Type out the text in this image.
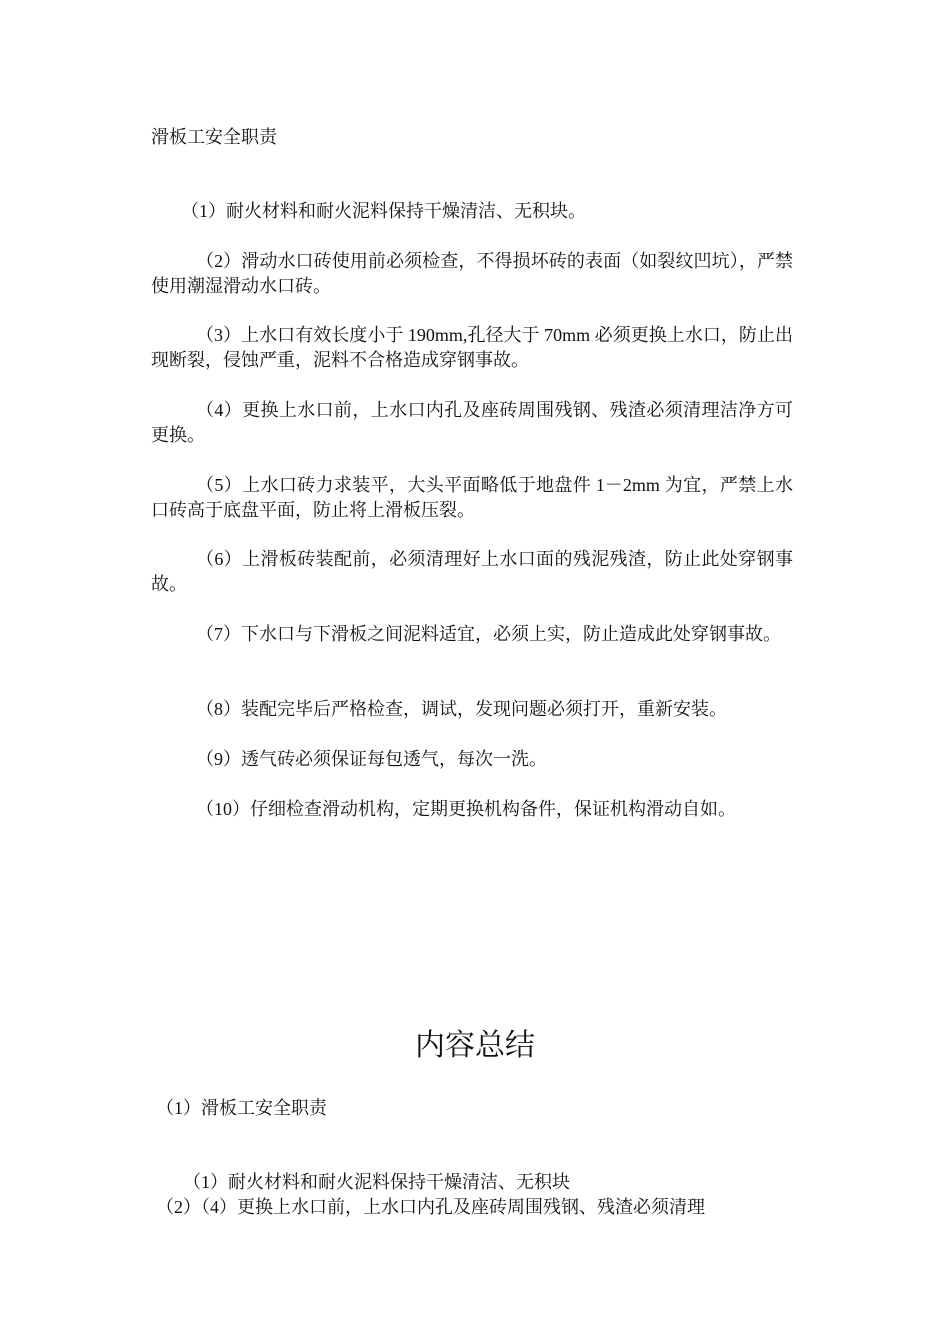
滑板工安全职责

（1）耐火材料和耐火泥料保持干燥清洁、无积块。

（2）滑动水口砖使用前必须检查，不得损坏砖的表面（如裂纹凹坑），严禁使用潮湿滑动水口砖。

（3）上水口有效长度小于 190mm,孔径大于 70mm 必须更换上水口，防止出现断裂，侵蚀严重，泥料不合格造成穿钢事故。

（4）更换上水口前，上水口内孔及座砖周围残钢、残渣必须清理洁净方可更换。

（5）上水口砖力求装平，大头平面略低于地盘件 1－2mm 为宜，严禁上水口砖高于底盘平面，防止将上滑板压裂。

（6）上滑板砖装配前，必须清理好上水口面的残泥残渣，防止此处穿钢事故。

（7）下水口与下滑板之间泥料适宜，必须上实，防止造成此处穿钢事故。

（8）装配完毕后严格检查，调试，发现问题必须打开，重新安装。

（9）透气砖必须保证每包透气，每次一洗。

（10）仔细检查滑动机构，定期更换机构备件，保证机构滑动自如。

内容总结
（1）滑板工安全职责
（1）耐火材料和耐火泥料保持干燥清洁、无积块
（2）（4）更换上水口前，上水口内孔及座砖周围残钢、残渣必须清理
